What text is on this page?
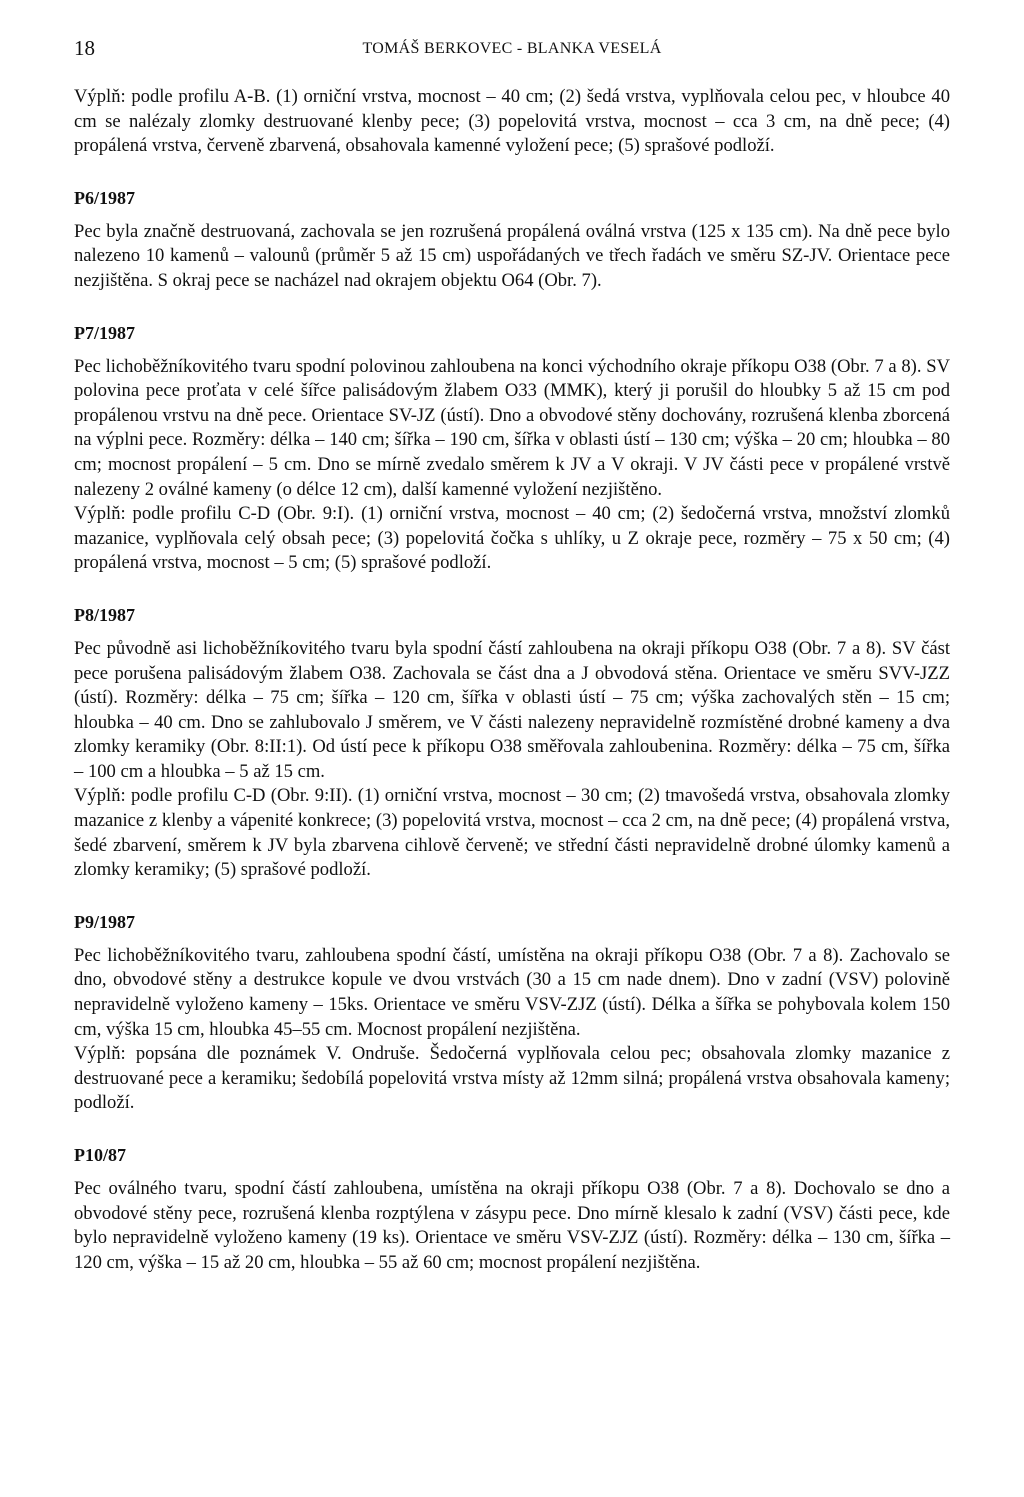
18	TOMÁŠ BERKOVEC - BLANKA VESELÁ

Výplň: podle profilu A-B. (1) orniční vrstva, mocnost – 40 cm; (2) šedá vrstva, vyplňovala celou pec, v hloubce 40 cm se nalézaly zlomky destruované klenby pece; (3) popelovitá vrstva, mocnost – cca 3 cm, na dně pece; (4) propálená vrstva, červeně zbarvená, obsahovala kamenné vyložení pece; (5) sprašové podloží.

P6/1987

Pec byla značně destruovaná, zachovala se jen rozrušená propálená oválná vrstva (125 x 135 cm). Na dně pece bylo nalezeno 10 kamenů – valounů (průměr 5 až 15 cm) uspořádaných ve třech řadách ve směru SZ-JV. Orientace pece nezjištěna. S okraj pece se nacházel nad okrajem objektu O64 (Obr. 7).

P7/1987

Pec lichoběžníkovitého tvaru spodní polovinou zahloubena na konci východního okraje příkopu O38 (Obr. 7 a 8). SV polovina pece proťata v celé šířce palisádovým žlabem O33 (MMK), který ji porušil do hloubky 5 až 15 cm pod propálenou vrstvu na dně pece. Orientace SV-JZ (ústí). Dno a obvodové stěny dochovány, rozrušená klenba zborcená na výplni pece. Rozměry: délka – 140 cm; šířka – 190 cm, šířka v oblasti ústí – 130 cm; výška – 20 cm; hloubka – 80 cm; mocnost propálení – 5 cm. Dno se mírně zvedalo směrem k JV a V okraji. V JV části pece v propálené vrstvě nalezeny 2 oválné kameny (o délce 12 cm), další kamenné vyložení nezjištěno.

Výplň: podle profilu C-D (Obr. 9:I). (1) orniční vrstva, mocnost – 40 cm; (2) šedočerná vrstva, množství zlomků mazanice, vyplňovala celý obsah pece; (3) popelovitá čočka s uhlíky, u Z okraje pece, rozměry – 75 x 50 cm; (4) propálená vrstva, mocnost – 5 cm; (5) sprašové podloží.

P8/1987

Pec původně asi lichoběžníkovitého tvaru byla spodní částí zahloubena na okraji příkopu O38 (Obr. 7 a 8). SV část pece porušena palisádovým žlabem O38. Zachovala se část dna a J obvodová stěna. Orientace ve směru SVV-JZZ (ústí). Rozměry: délka – 75 cm; šířka – 120 cm, šířka v oblasti ústí – 75 cm; výška zachovalých stěn – 15 cm; hloubka – 40 cm. Dno se zahlubovalo J směrem, ve V části nalezeny nepravidelně rozmístěné drobné kameny a dva zlomky keramiky (Obr. 8:II:1). Od ústí pece k příkopu O38 směřovala zahloubenina. Rozměry: délka – 75 cm, šířka – 100 cm a hloubka – 5 až 15 cm.

Výplň: podle profilu C-D (Obr. 9:II). (1) orniční vrstva, mocnost – 30 cm; (2) tmavošedá vrstva, obsahovala zlomky mazanice z klenby a vápenité konkrece; (3) popelovitá vrstva, mocnost – cca 2 cm, na dně pece; (4) propálená vrstva, šedé zbarvení, směrem k JV byla zbarvena cihlově červeně; ve střední části nepravidelně drobné úlomky kamenů a zlomky keramiky; (5) sprašové podloží.

P9/1987

Pec lichoběžníkovitého tvaru, zahloubena spodní částí, umístěna na okraji příkopu O38 (Obr. 7 a 8). Zachovalo se dno, obvodové stěny a destrukce kopule ve dvou vrstvách (30 a 15 cm nade dnem). Dno v zadní (VSV) polovině nepravidelně vyloženo kameny – 15ks. Orientace ve směru VSV-ZJZ (ústí). Délka a šířka se pohybovala kolem 150 cm, výška 15 cm, hloubka 45–55 cm. Mocnost propálení nezjištěna.

Výplň: popsána dle poznámek V. Ondruše. Šedočerná vyplňovala celou pec; obsahovala zlomky mazanice z destruované pece a keramiku; šedobílá popelovitá vrstva místy až 12mm silná; propálená vrstva obsahovala kameny; podloží.

P10/87

Pec oválného tvaru, spodní částí zahloubena, umístěna na okraji příkopu O38 (Obr. 7 a 8). Dochovalo se dno a obvodové stěny pece, rozrušená klenba rozptýlena v zásypu pece. Dno mírně klesalo k zadní (VSV) části pece, kde bylo nepravidelně vyloženo kameny (19 ks). Orientace ve směru VSV-ZJZ (ústí). Rozměry: délka – 130 cm, šířka – 120 cm, výška – 15 až 20 cm, hloubka – 55 až 60 cm; mocnost propálení nezjištěna.
